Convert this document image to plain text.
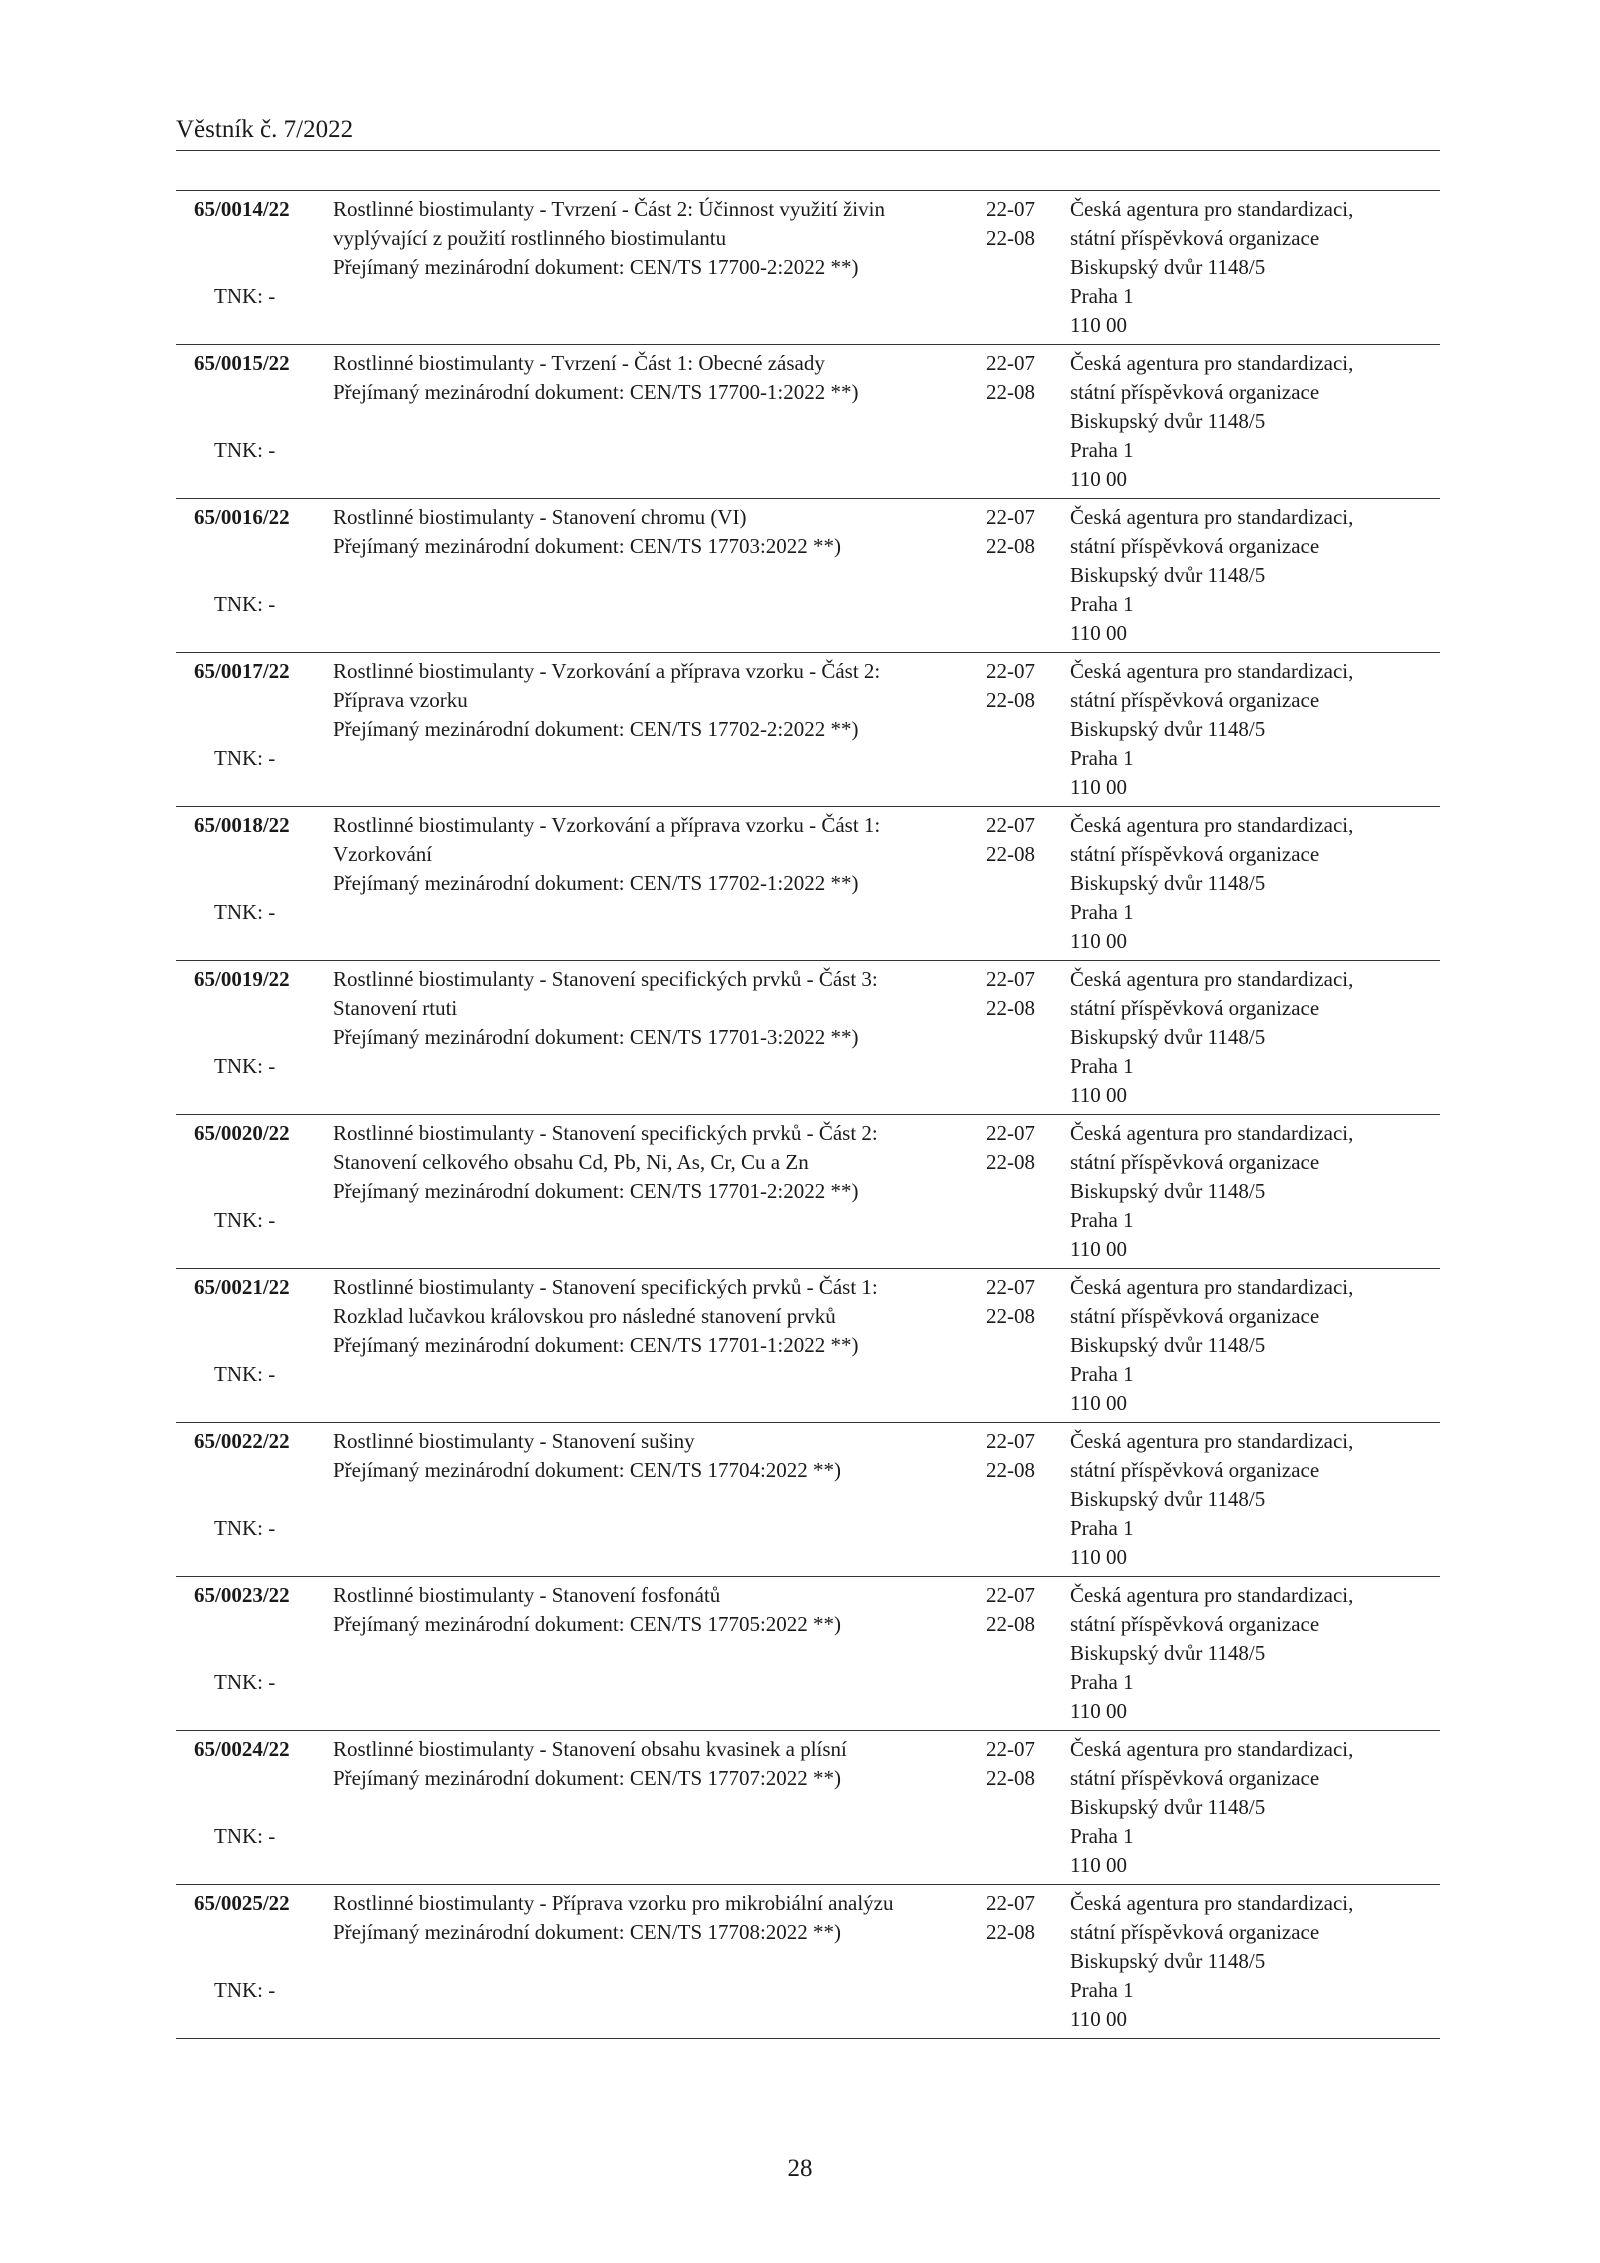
Věstník č. 7/2022
65/0014/22
TNK: -
Rostlinné biostimulanty - Tvrzení - Část 2: Účinnost využití živin
vyplývající z použití rostlinného biostimulantu
Přejímaný mezinárodní dokument: CEN/TS 17700-2:2022 **)
22-07
22-08
Česká agentura pro standardizaci,
státní příspěvková organizace
Biskupský dvůr 1148/5
Praha 1
110 00
65/0015/22
TNK: -
Rostlinné biostimulanty - Tvrzení - Část 1: Obecné zásady
Přejímaný mezinárodní dokument: CEN/TS 17700-1:2022 **)
22-07
22-08
Česká agentura pro standardizaci,
státní příspěvková organizace
Biskupský dvůr 1148/5
Praha 1
110 00
65/0016/22
TNK: -
Rostlinné biostimulanty - Stanovení chromu (VI)
Přejímaný mezinárodní dokument: CEN/TS 17703:2022 **)
22-07
22-08
Česká agentura pro standardizaci,
státní příspěvková organizace
Biskupský dvůr 1148/5
Praha 1
110 00
65/0017/22
TNK: -
Rostlinné biostimulanty - Vzorkování a příprava vzorku - Část 2:
Příprava vzorku
Přejímaný mezinárodní dokument: CEN/TS 17702-2:2022 **)
22-07
22-08
Česká agentura pro standardizaci,
státní příspěvková organizace
Biskupský dvůr 1148/5
Praha 1
110 00
65/0018/22
TNK: -
Rostlinné biostimulanty - Vzorkování a příprava vzorku - Část 1:
Vzorkování
Přejímaný mezinárodní dokument: CEN/TS 17702-1:2022 **)
22-07
22-08
Česká agentura pro standardizaci,
státní příspěvková organizace
Biskupský dvůr 1148/5
Praha 1
110 00
65/0019/22
TNK: -
Rostlinné biostimulanty - Stanovení specifických prvků - Část 3:
Stanovení rtuti
Přejímaný mezinárodní dokument: CEN/TS 17701-3:2022 **)
22-07
22-08
Česká agentura pro standardizaci,
státní příspěvková organizace
Biskupský dvůr 1148/5
Praha 1
110 00
65/0020/22
TNK: -
Rostlinné biostimulanty - Stanovení specifických prvků - Část 2:
Stanovení celkového obsahu Cd, Pb, Ni, As, Cr, Cu a Zn
Přejímaný mezinárodní dokument: CEN/TS 17701-2:2022 **)
22-07
22-08
Česká agentura pro standardizaci,
státní příspěvková organizace
Biskupský dvůr 1148/5
Praha 1
110 00
65/0021/22
TNK: -
Rostlinné biostimulanty - Stanovení specifických prvků - Část 1:
Rozklad lučavkou královskou pro následné stanovení prvků
Přejímaný mezinárodní dokument: CEN/TS 17701-1:2022 **)
22-07
22-08
Česká agentura pro standardizaci,
státní příspěvková organizace
Biskupský dvůr 1148/5
Praha 1
110 00
65/0022/22
TNK: -
Rostlinné biostimulanty - Stanovení sušiny
Přejímaný mezinárodní dokument: CEN/TS 17704:2022 **)
22-07
22-08
Česká agentura pro standardizaci,
státní příspěvková organizace
Biskupský dvůr 1148/5
Praha 1
110 00
65/0023/22
TNK: -
Rostlinné biostimulanty - Stanovení fosfonátů
Přejímaný mezinárodní dokument: CEN/TS 17705:2022 **)
22-07
22-08
Česká agentura pro standardizaci,
státní příspěvková organizace
Biskupský dvůr 1148/5
Praha 1
110 00
65/0024/22
TNK: -
Rostlinné biostimulanty - Stanovení obsahu kvasinek a plísní
Přejímaný mezinárodní dokument: CEN/TS 17707:2022 **)
22-07
22-08
Česká agentura pro standardizaci,
státní příspěvková organizace
Biskupský dvůr 1148/5
Praha 1
110 00
65/0025/22
TNK: -
Rostlinné biostimulanty - Příprava vzorku pro mikrobiální analýzu
Přejímaný mezinárodní dokument: CEN/TS 17708:2022 **)
22-07
22-08
Česká agentura pro standardizaci,
státní příspěvková organizace
Biskupský dvůr 1148/5
Praha 1
110 00
28
